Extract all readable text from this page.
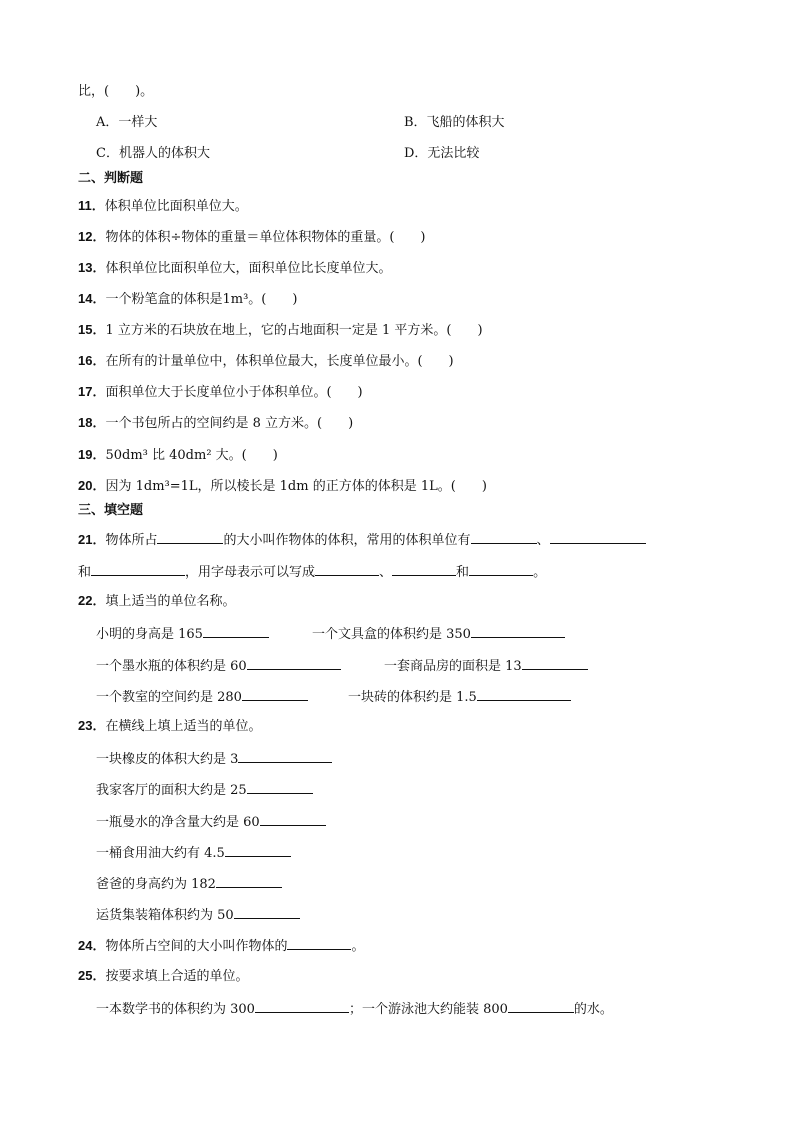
比，(　　)。
A．一样大	B．飞船的体积大
C．机器人的体积大	D．无法比较
二、判断题
11．体积单位比面积单位大。
12．物体的体积÷物体的重量＝单位体积物体的重量。(　　)
13．体积单位比面积单位大，面积单位比长度单位大。
14．一个粉笔盒的体积是1m³。(　　)
15．1 立方米的石块放在地上，它的占地面积一定是 1 平方米。(　　)
16．在所有的计量单位中，体积单位最大，长度单位最小。(　　)
17．面积单位大于长度单位小于体积单位。(　　)
18．一个书包所占的空间约是 8 立方米。(　　)
19．50dm³ 比 40dm² 大。(　　)
20．因为 1dm³=1L，所以棱长是 1dm 的正方体的体积是 1L。(　　)
三、填空题
21．物体所占	的大小叫作物体的体积，常用的体积单位有	、
和	，用字母表示可以写成	、	和	。
22．填上适当的单位名称。
小明的身高是 165	一个文具盒的体积约是 350
一个墨水瓶的体积约是 60	一套商品房的面积是 13
一个教室的空间约是 280	一块砖的体积约是 1.5
23．在横线上填上适当的单位。
一块橡皮的体积大约是 3
我家客厅的面积大约是 25
一瓶曼水的净含量大约是 60
一桶食用油大约有 4.5
爸爸的身高约为 182
运货集装箱体积约为 50
24．物体所占空间的大小叫作物体的	。
25．按要求填上合适的单位。
一本数学书的体积约为 300	；一个游泳池大约能装 800	的水。
